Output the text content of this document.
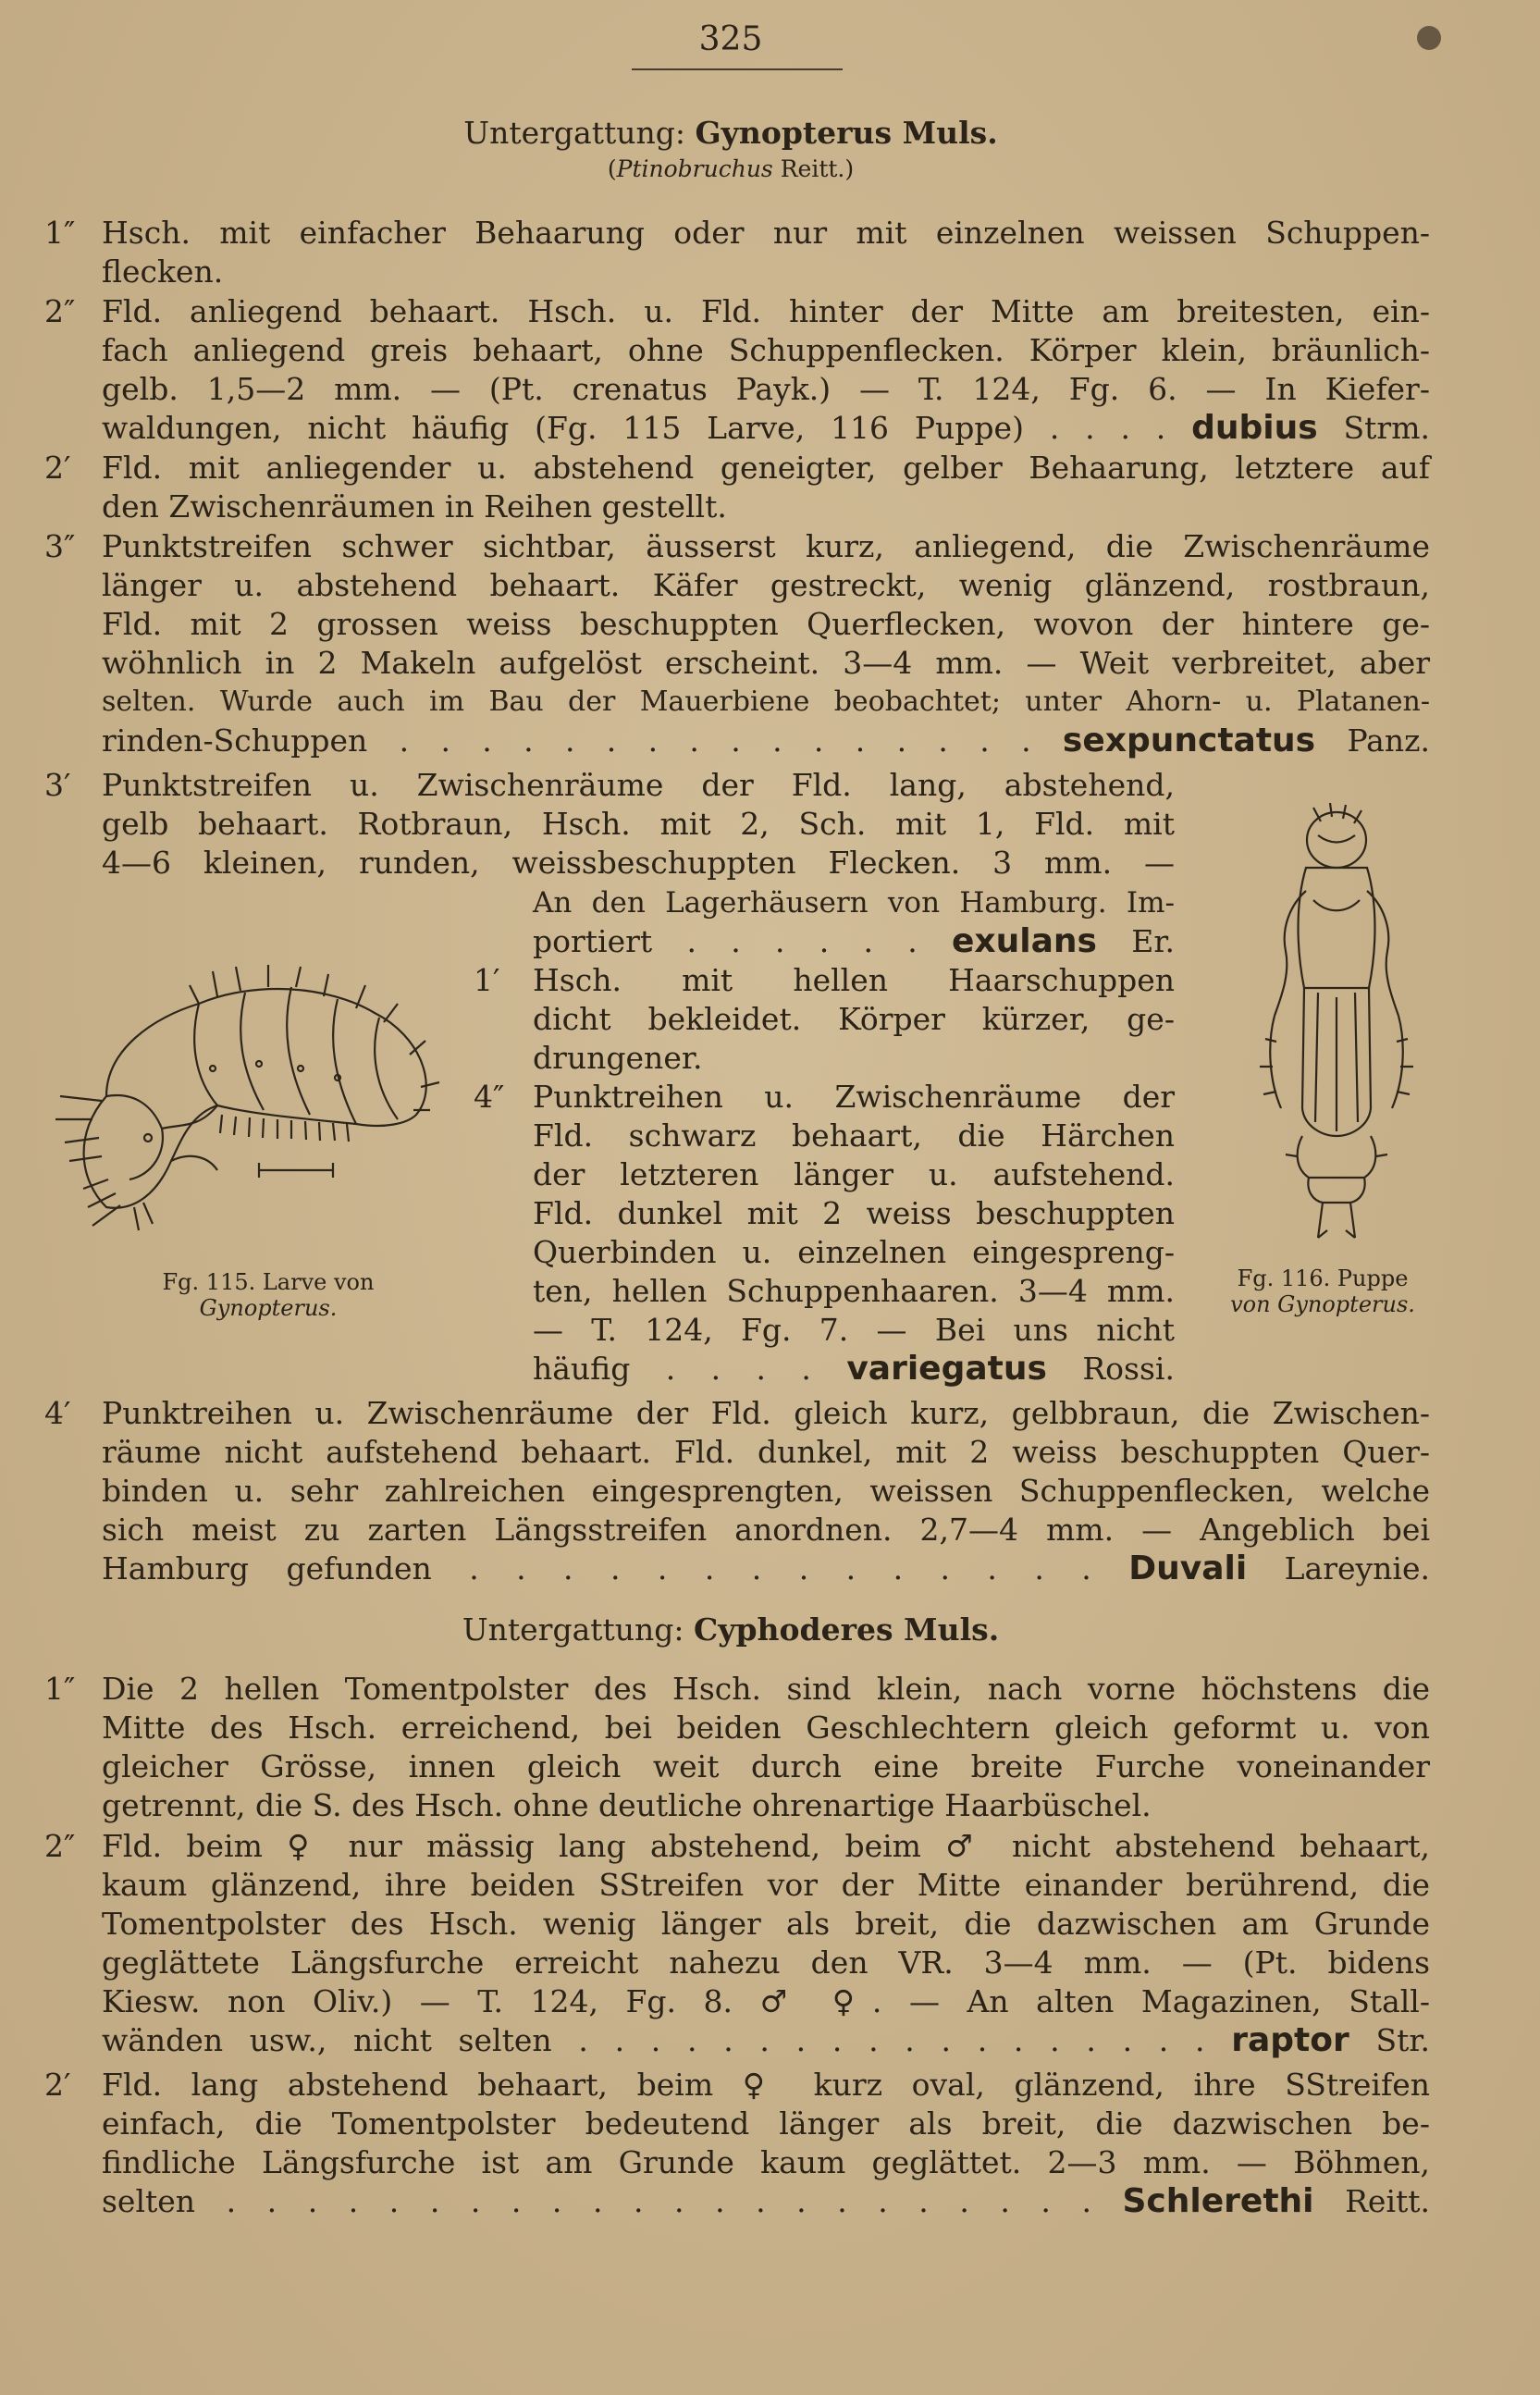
325
Untergattung: Gynopterus Muls.
(Ptinobruchus Reitt.)
1″ Hsch. mit einfacher Behaarung oder nur mit einzelnen weissen Schuppen-
flecken.
2″ Fld. anliegend behaart. Hsch. u. Fld. hinter der Mitte am breitesten, ein-
fach anliegend greis behaart, ohne Schuppenflecken. Körper klein, bräunlich-
gelb. 1,5—2 mm. — (Pt. crenatus Payk.) — T. 124, Fg. 6. — In Kiefer-
waldungen, nicht häufig (Fg. 115 Larve, 116 Puppe) . . . . dubius Strm.
2′ Fld. mit anliegender u. abstehend geneigter, gelber Behaarung, letztere auf
den Zwischenräumen in Reihen gestellt.
3″ Punktstreifen schwer sichtbar, äusserst kurz, anliegend, die Zwischenräume
länger u. abstehend behaart. Käfer gestreckt, wenig glänzend, rostbraun,
Fld. mit 2 grossen weiss beschuppten Querflecken, wovon der hintere ge-
wöhnlich in 2 Makeln aufgelöst erscheint. 3—4 mm. — Weit verbreitet, aber
selten. Wurde auch im Bau der Mauerbiene beobachtet; unter Ahorn- u. Platanen-
rinden-Schuppen . . . . . . . . . . . . . . . . sexpunctatus Panz.
3′ Punktstreifen u. Zwischenräume der Fld. lang, abstehend,
gelb behaart. Rotbraun, Hsch. mit 2, Sch. mit 1, Fld. mit
4—6 kleinen, runden, weissbeschuppten Flecken. 3 mm. —
An den Lagerhäusern von Hamburg. Im-
portiert . . . . . . exulans Er.
1′ Hsch. mit hellen Haarschuppen
dicht bekleidet. Körper kürzer, ge-
drungener.
4″ Punktreihen u. Zwischenräume der
Fld. schwarz behaart, die Härchen
der letzteren länger u. aufstehend.
Fld. dunkel mit 2 weiss beschuppten
Querbinden u. einzelnen eingespreng-
ten, hellen Schuppenhaaren. 3—4 mm.
— T. 124, Fg. 7. — Bei uns nicht
häufig . . . . variegatus Rossi.
4′ Punktreihen u. Zwischenräume der Fld. gleich kurz, gelbbraun, die Zwischen-
räume nicht aufstehend behaart. Fld. dunkel, mit 2 weiss beschuppten Quer-
binden u. sehr zahlreichen eingesprengten, weissen Schuppenflecken, welche
sich meist zu zarten Längsstreifen anordnen. 2,7—4 mm. — Angeblich bei
Hamburg gefunden . . . . . . . . . . . . . . Duvali Lareynie.
Fg. 115. Larve von
Gynopterus.
Fg. 116. Puppe
von Gynopterus.
Untergattung: Cyphoderes Muls.
1″ Die 2 hellen Tomentpolster des Hsch. sind klein, nach vorne höchstens die
Mitte des Hsch. erreichend, bei beiden Geschlechtern gleich geformt u. von
gleicher Grösse, innen gleich weit durch eine breite Furche voneinander
getrennt, die S. des Hsch. ohne deutliche ohrenartige Haarbüschel.
2″ Fld. beim ♀ nur mässig lang abstehend, beim ♂ nicht abstehend behaart,
kaum glänzend, ihre beiden SStreifen vor der Mitte einander berührend, die
Tomentpolster des Hsch. wenig länger als breit, die dazwischen am Grunde
geglättete Längsfurche erreicht nahezu den VR. 3—4 mm. — (Pt. bidens
Kiesw. non Oliv.) — T. 124, Fg. 8. ♂ ♀. — An alten Magazinen, Stall-
wänden usw., nicht selten . . . . . . . . . . . . . . . . . . raptor Str.
2′ Fld. lang abstehend behaart, beim ♀ kurz oval, glänzend, ihre SStreifen
einfach, die Tomentpolster bedeutend länger als breit, die dazwischen be-
findliche Längsfurche ist am Grunde kaum geglättet. 2—3 mm. — Böhmen,
selten . . . . . . . . . . . . . . . . . . . . . . Schlerethi Reitt.
